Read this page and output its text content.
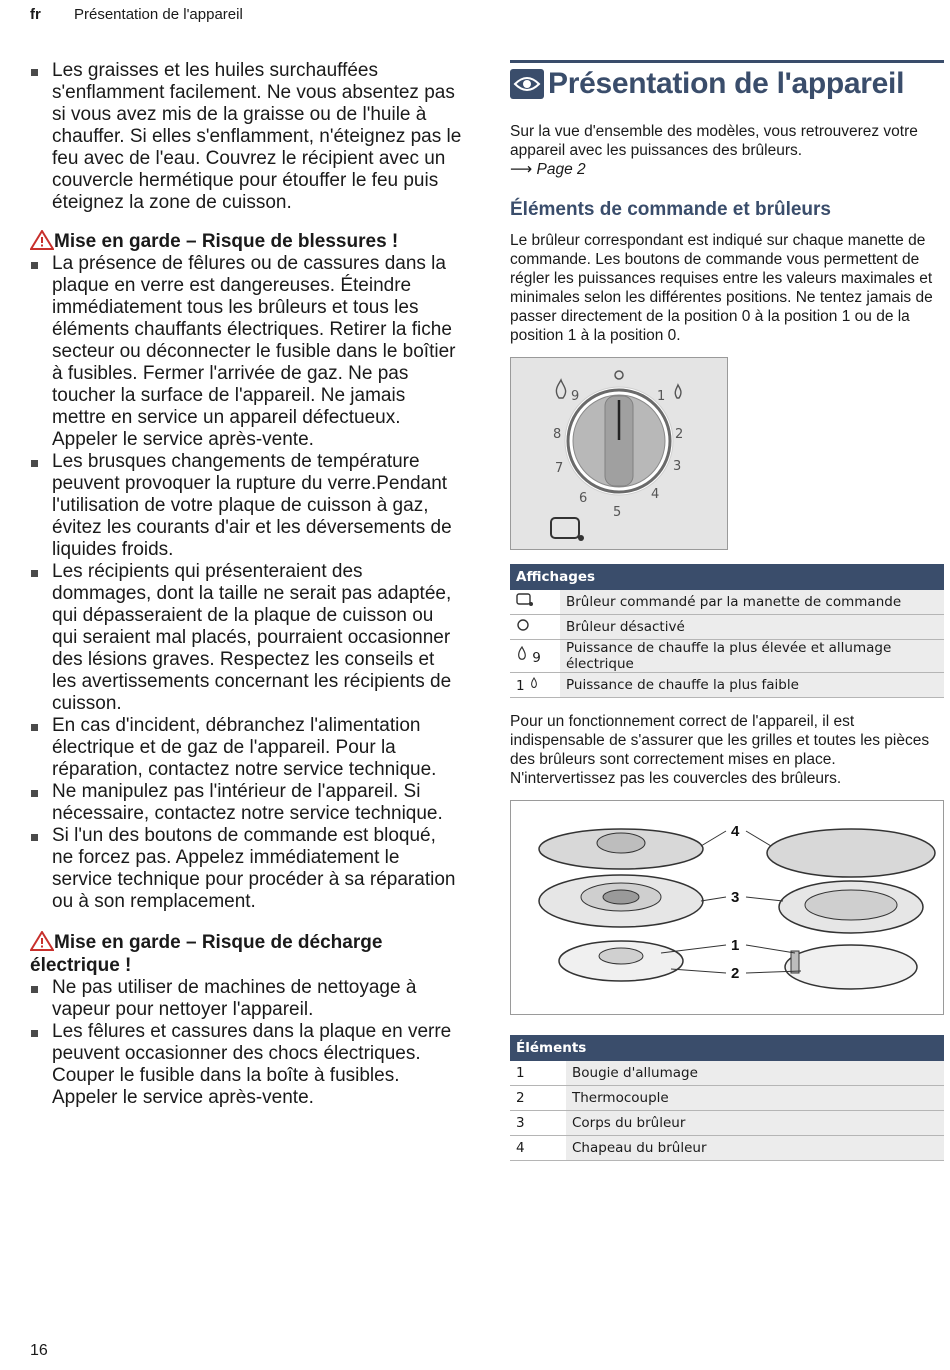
fr Présentation de l'appareil

Les graisses et les huiles surchauffées s'enflamment facilement. Ne vous absentez pas si vous avez mis de la graisse ou de l'huile à chauffer. Si elles s'enflamment, n'éteignez pas le feu avec de l'eau. Couvrez le récipient avec un couvercle hermétique pour étouffer le feu puis éteignez la zone de cuisson.

Mise en garde – Risque de blessures !

La présence de fêlures ou de cassures dans la plaque en verre est dangereuses. Éteindre immédiatement tous les brûleurs et tous les éléments chauffants électriques. Retirer la fiche secteur ou déconnecter le fusible dans le boîtier à fusibles. Fermer l'arrivée de gaz. Ne pas toucher la surface de l'appareil. Ne jamais mettre en service un appareil défectueux. Appeler le service après-vente.

Les brusques changements de température peuvent provoquer la rupture du verre.Pendant l'utilisation de votre plaque de cuisson à gaz, évitez les courants d'air et les déversements de liquides froids.

Les récipients qui présenteraient des dommages, dont la taille ne serait pas adaptée, qui dépasseraient de la plaque de cuisson ou qui seraient mal placés, pourraient occasionner des lésions graves. Respectez les conseils et les avertissements concernant les récipients de cuisson.

En cas d'incident, débranchez l'alimentation électrique et de gaz de l'appareil. Pour la réparation, contactez notre service technique.

Ne manipulez pas l'intérieur de l'appareil. Si nécessaire, contactez notre service technique.

Si l'un des boutons de commande est bloqué, ne forcez pas. Appelez immédiatement le service technique pour procéder à sa réparation ou à son remplacement.

Mise en garde – Risque de décharge électrique !

Ne pas utiliser de machines de nettoyage à vapeur pour nettoyer l'appareil.

Les fêlures et cassures dans la plaque en verre peuvent occasionner des chocs électriques. Couper le fusible dans la boîte à fusibles. Appeler le service après-vente.

Présentation de l'appareil

Sur la vue d'ensemble des modèles, vous retrouverez votre appareil avec les puissances des brûleurs.

⟶ Page 2

Éléments de commande et brûleurs

Le brûleur correspondant est indiqué sur chaque manette de commande. Les boutons de commande vous permettent de régler les puissances requises entre les valeurs maximales et minimales selon les différentes positions. Ne tentez jamais de passer directement de la position 0 à la position 1 ou de la position 1 à la position 0.

9
8
7
6
5
4
3
2
1
Affichages	
	Brûleur commandé par la manette de commande
	Brûleur désactivé
9	Puissance de chauffe la plus élevée et allumage électrique
1	Puissance de chauffe la plus faible

Pour un fonctionnement correct de l'appareil, il est indispensable de s'assurer que les grilles et toutes les pièces des brûleurs sont correctement mises en place. N'intervertissez pas les couvercles des brûleurs.

4
3
1
2
Éléments	
1	Bougie d'allumage
2	Thermocouple
3	Corps du brûleur
4	Chapeau du brûleur
16
